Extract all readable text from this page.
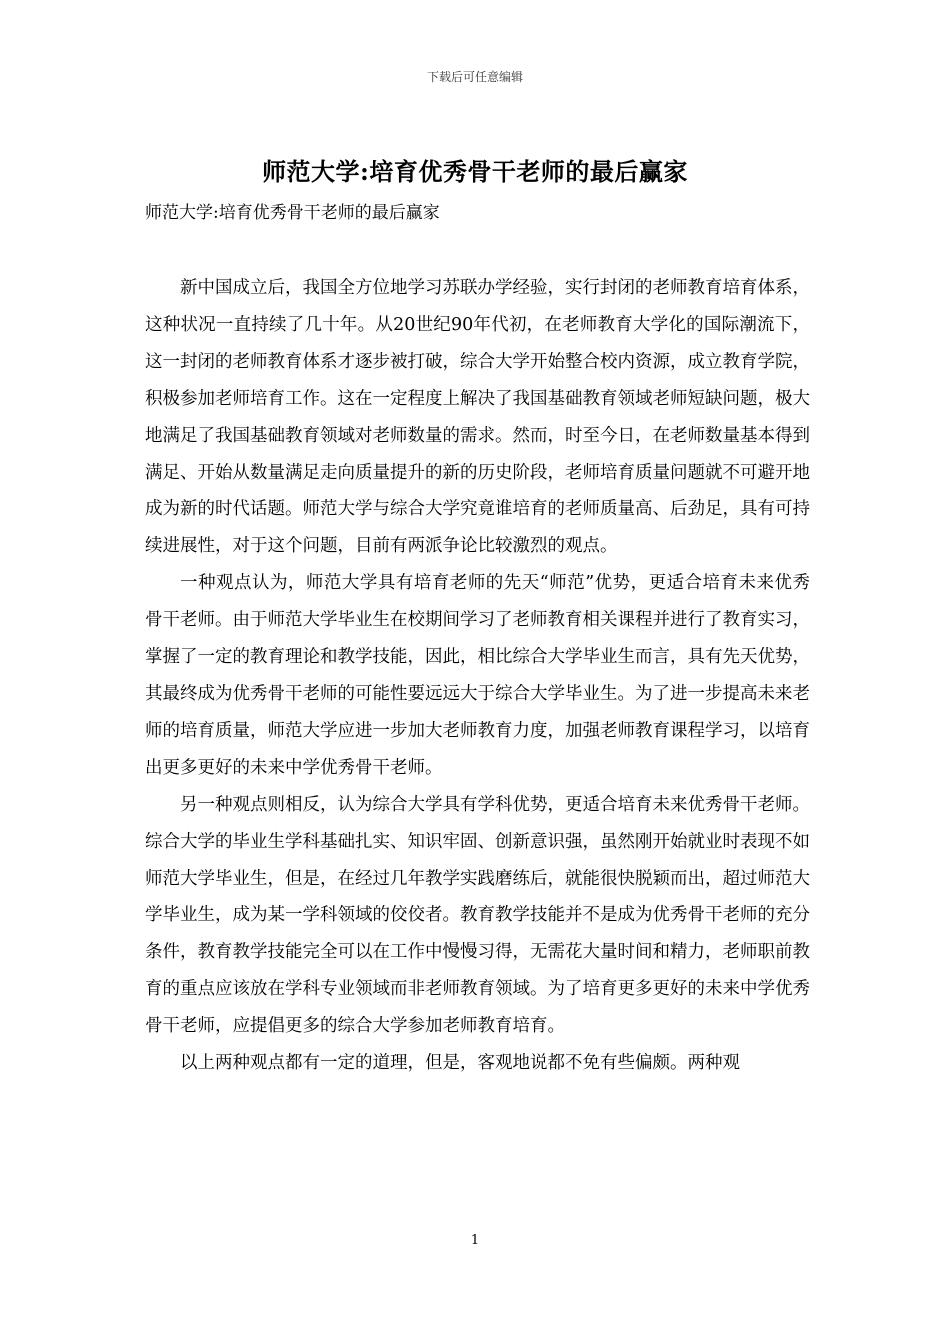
下载后可任意编辑
师范大学:培育优秀骨干老师的最后赢家
师范大学:培育优秀骨干老师的最后赢家

新中国成立后，我国全方位地学习苏联办学经验，实行封闭的老师教育培育体系，这种状况一直持续了几十年。从20世纪90年代初，在老师教育大学化的国际潮流下，这一封闭的老师教育体系才逐步被打破，综合大学开始整合校内资源，成立教育学院，积极参加老师培育工作。这在一定程度上解决了我国基础教育领域老师短缺问题，极大地满足了我国基础教育领域对老师数量的需求。然而，时至今日，在老师数量基本得到满足、开始从数量满足走向质量提升的新的历史阶段，老师培育质量问题就不可避开地成为新的时代话题。师范大学与综合大学究竟谁培育的老师质量高、后劲足，具有可持续进展性，对于这个问题，目前有两派争论比较激烈的观点。

一种观点认为，师范大学具有培育老师的先天“师范”优势，更适合培育未来优秀骨干老师。由于师范大学毕业生在校期间学习了老师教育相关课程并进行了教育实习，掌握了一定的教育理论和教学技能，因此，相比综合大学毕业生而言，具有先天优势，其最终成为优秀骨干老师的可能性要远远大于综合大学毕业生。为了进一步提高未来老师的培育质量，师范大学应进一步加大老师教育力度，加强老师教育课程学习，以培育出更多更好的未来中学优秀骨干老师。

另一种观点则相反，认为综合大学具有学科优势，更适合培育未来优秀骨干老师。综合大学的毕业生学科基础扎实、知识牢固、创新意识强，虽然刚开始就业时表现不如师范大学毕业生，但是，在经过几年教学实践磨练后，就能很快脱颖而出，超过师范大学毕业生，成为某一学科领域的佼佼者。教育教学技能并不是成为优秀骨干老师的充分条件，教育教学技能完全可以在工作中慢慢习得，无需花大量时间和精力，老师职前教育的重点应该放在学科专业领域而非老师教育领域。为了培育更多更好的未来中学优秀骨干老师，应提倡更多的综合大学参加老师教育培育。

以上两种观点都有一定的道理，但是，客观地说都不免有些偏颇。两种观

1
